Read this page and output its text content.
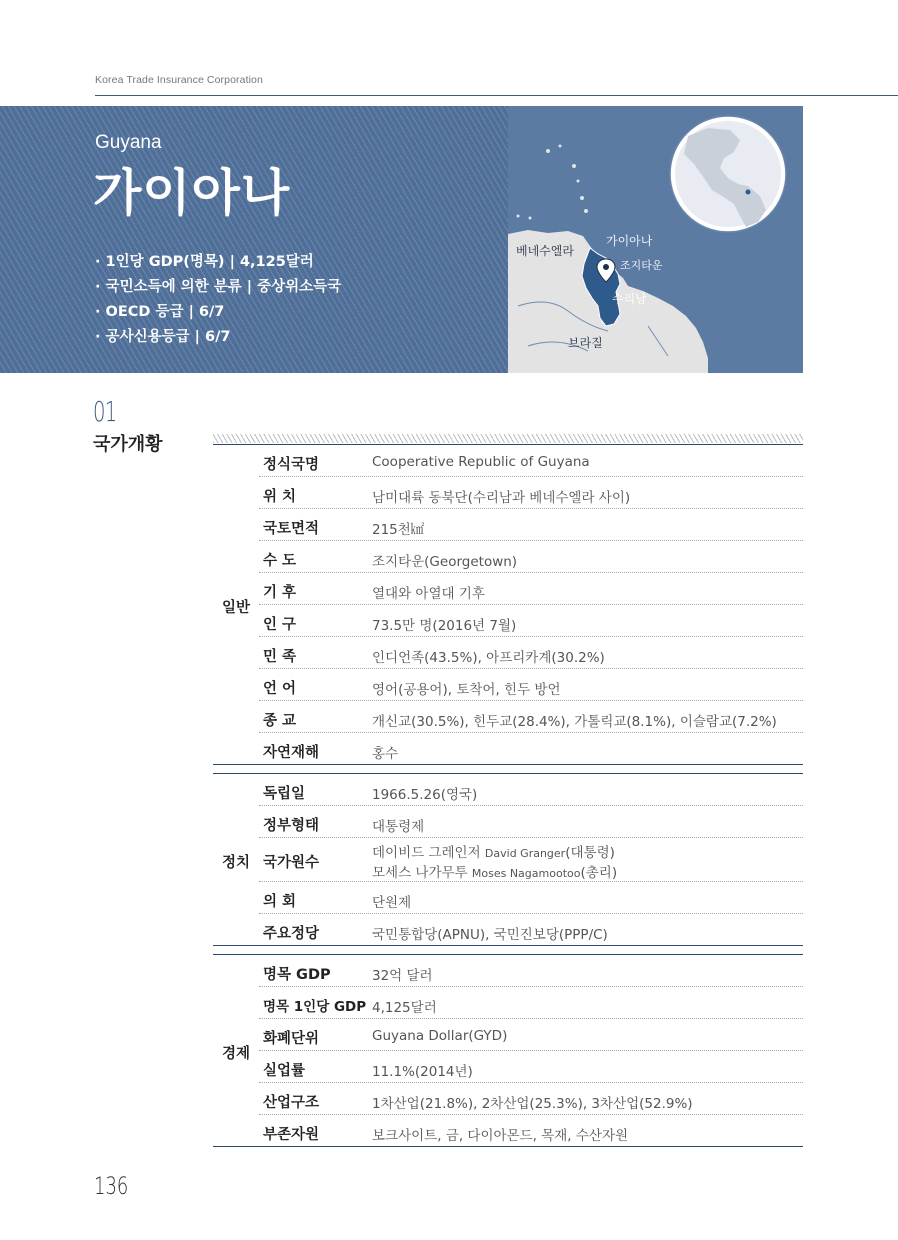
Korea Trade Insurance Corporation
Guyana
가이아나
· 1인당 GDP(명목) | 4,125달러
· 국민소득에 의한 분류 | 중상위소득국
· OECD 등급 | 6/7
· 공사신용등급 | 6/7
베네수엘라
가이아나
조지타운
수리남
브라질
01
국가개황
일반
정식국명	Cooperative Republic of Guyana
위 치	남미대륙 동북단(수리남과 베네수엘라 사이)
국토면적	215천㎢
수 도	조지타운(Georgetown)
기 후	열대와 아열대 기후
인 구	73.5만 명(2016년 7월)
민 족	인디언족(43.5%), 아프리카계(30.2%)
언 어	영어(공용어), 토착어, 힌두 방언
종 교	개신교(30.5%), 힌두교(28.4%), 가톨릭교(8.1%), 이슬람교(7.2%)
자연재해	홍수
정치
독립일	1966.5.26(영국)
정부형태	대통령제
국가원수
데이비드 그레인저 David Granger(대통령)
모세스 나가무투 Moses Nagamootoo(총리)
의 회	단원제
주요정당	국민통합당(APNU), 국민진보당(PPP/C)
경제
명목 GDP	32억 달러
명목 1인당 GDP 4,125달러
화폐단위	Guyana Dollar(GYD)
실업률	11.1%(2014년)
산업구조	1차산업(21.8%), 2차산업(25.3%), 3차산업(52.9%)
부존자원	보크사이트, 금, 다이아몬드, 목재, 수산자원
136
